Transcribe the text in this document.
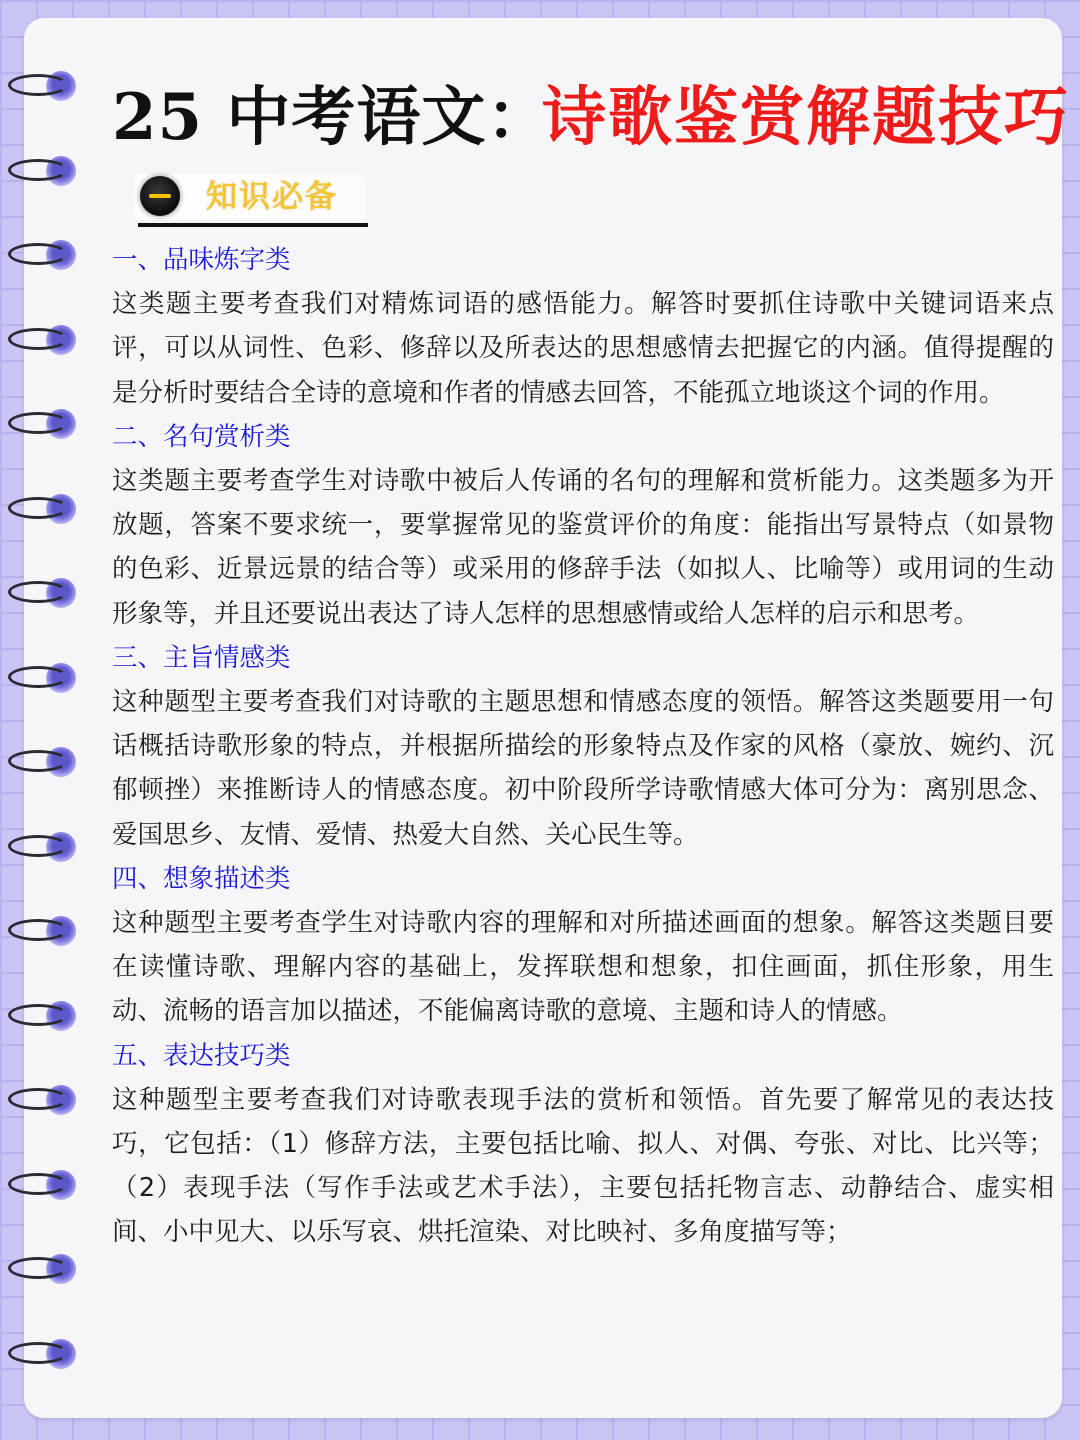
25 中考语文：
诗歌鉴赏解题技巧
知识必备
一、品味炼字类

这类题主要考查我们对精炼词语的感悟能力。解答时要抓住诗歌中关键词语来点评，可以从词性、色彩、修辞以及所表达的思想感情去把握它的内涵。值得提醒的是分析时要结合全诗的意境和作者的情感去回答，不能孤立地谈这个词的作用。

二、名句赏析类

这类题主要考查学生对诗歌中被后人传诵的名句的理解和赏析能力。这类题多为开放题，答案不要求统一，要掌握常见的鉴赏评价的角度：能指出写景特点（如景物的色彩、近景远景的结合等）或采用的修辞手法（如拟人、比喻等）或用词的生动形象等，并且还要说出表达了诗人怎样的思想感情或给人怎样的启示和思考。

三、主旨情感类

这种题型主要考查我们对诗歌的主题思想和情感态度的领悟。解答这类题要用一句话概括诗歌形象的特点，并根据所描绘的形象特点及作家的风格（豪放、婉约、沉郁顿挫）来推断诗人的情感态度。初中阶段所学诗歌情感大体可分为：离别思念、爱国思乡、友情、爱情、热爱大自然、关心民生等。

四、想象描述类

这种题型主要考查学生对诗歌内容的理解和对所描述画面的想象。解答这类题目要在读懂诗歌、理解内容的基础上，发挥联想和想象，扣住画面，抓住形象，用生动、流畅的语言加以描述，不能偏离诗歌的意境、主题和诗人的情感。

五、表达技巧类

这种题型主要考查我们对诗歌表现手法的赏析和领悟。首先要了解常见的表达技巧，它包括：（1）修辞方法，主要包括比喻、拟人、对偶、夸张、对比、比兴等；（2）表现手法（写作手法或艺术手法），主要包括托物言志、动静结合、虚实相间、小中见大、以乐写哀、烘托渲染、对比映衬、多角度描写等；
